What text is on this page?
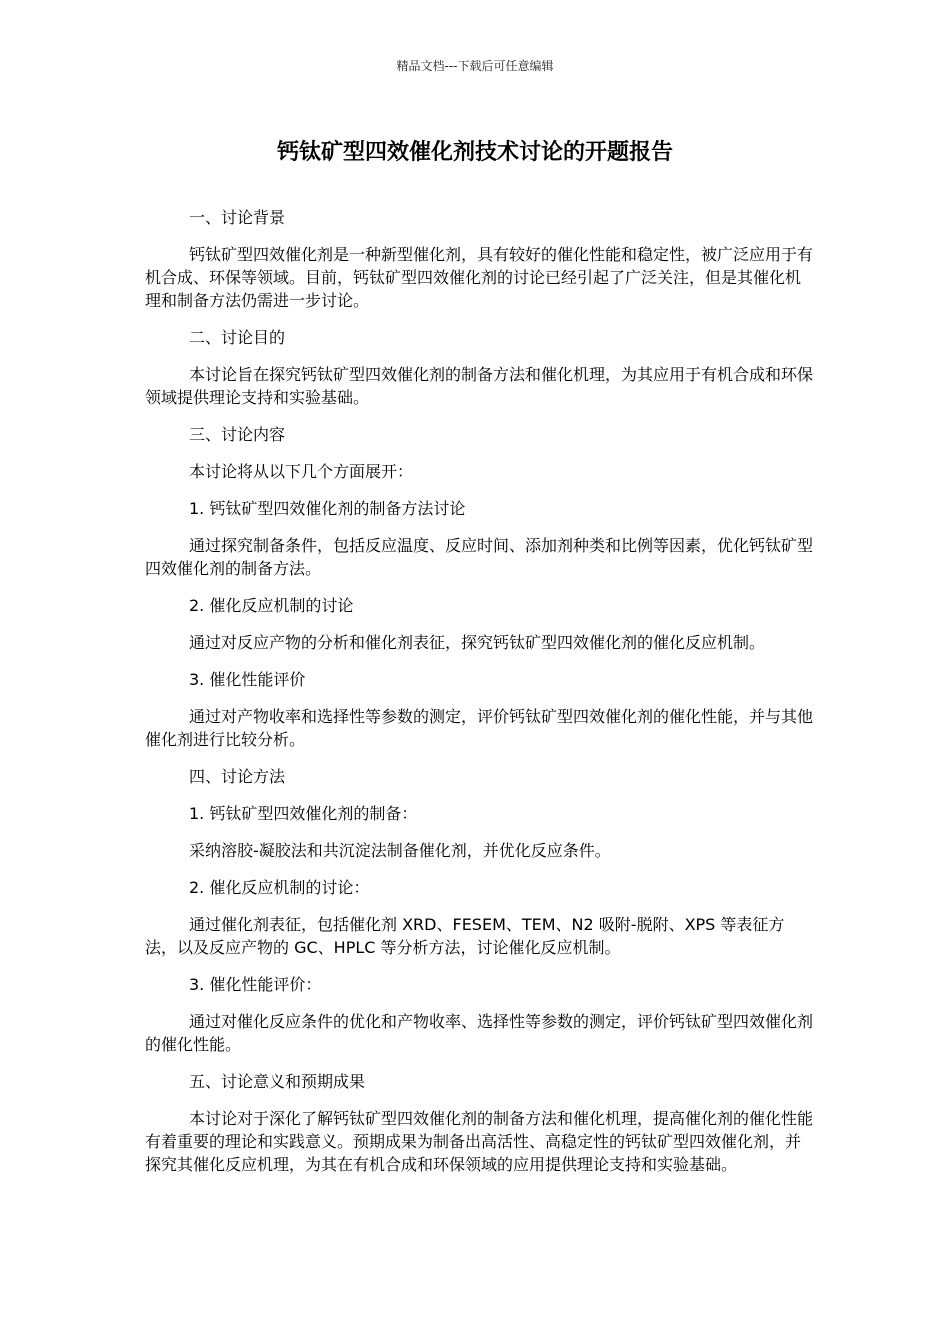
精品文档---下载后可任意编辑
钙钛矿型四效催化剂技术讨论的开题报告

一、讨论背景

钙钛矿型四效催化剂是一种新型催化剂，具有较好的催化性能和稳定性，被广泛应用于有机合成、环保等领域。目前，钙钛矿型四效催化剂的讨论已经引起了广泛关注，但是其催化机理和制备方法仍需进一步讨论。

二、讨论目的

本讨论旨在探究钙钛矿型四效催化剂的制备方法和催化机理，为其应用于有机合成和环保领域提供理论支持和实验基础。

三、讨论内容

本讨论将从以下几个方面展开：

1. 钙钛矿型四效催化剂的制备方法讨论

通过探究制备条件，包括反应温度、反应时间、添加剂种类和比例等因素，优化钙钛矿型四效催化剂的制备方法。

2. 催化反应机制的讨论

通过对反应产物的分析和催化剂表征，探究钙钛矿型四效催化剂的催化反应机制。

3. 催化性能评价

通过对产物收率和选择性等参数的测定，评价钙钛矿型四效催化剂的催化性能，并与其他催化剂进行比较分析。

四、讨论方法

1. 钙钛矿型四效催化剂的制备：

采纳溶胶-凝胶法和共沉淀法制备催化剂，并优化反应条件。

2. 催化反应机制的讨论：

通过催化剂表征，包括催化剂 XRD、FESEM、TEM、N2 吸附-脱附、XPS 等表征方法，以及反应产物的 GC、HPLC 等分析方法，讨论催化反应机制。

3. 催化性能评价：

通过对催化反应条件的优化和产物收率、选择性等参数的测定，评价钙钛矿型四效催化剂的催化性能。

五、讨论意义和预期成果

本讨论对于深化了解钙钛矿型四效催化剂的制备方法和催化机理，提高催化剂的催化性能有着重要的理论和实践意义。预期成果为制备出高活性、高稳定性的钙钛矿型四效催化剂，并探究其催化反应机理，为其在有机合成和环保领域的应用提供理论支持和实验基础。
